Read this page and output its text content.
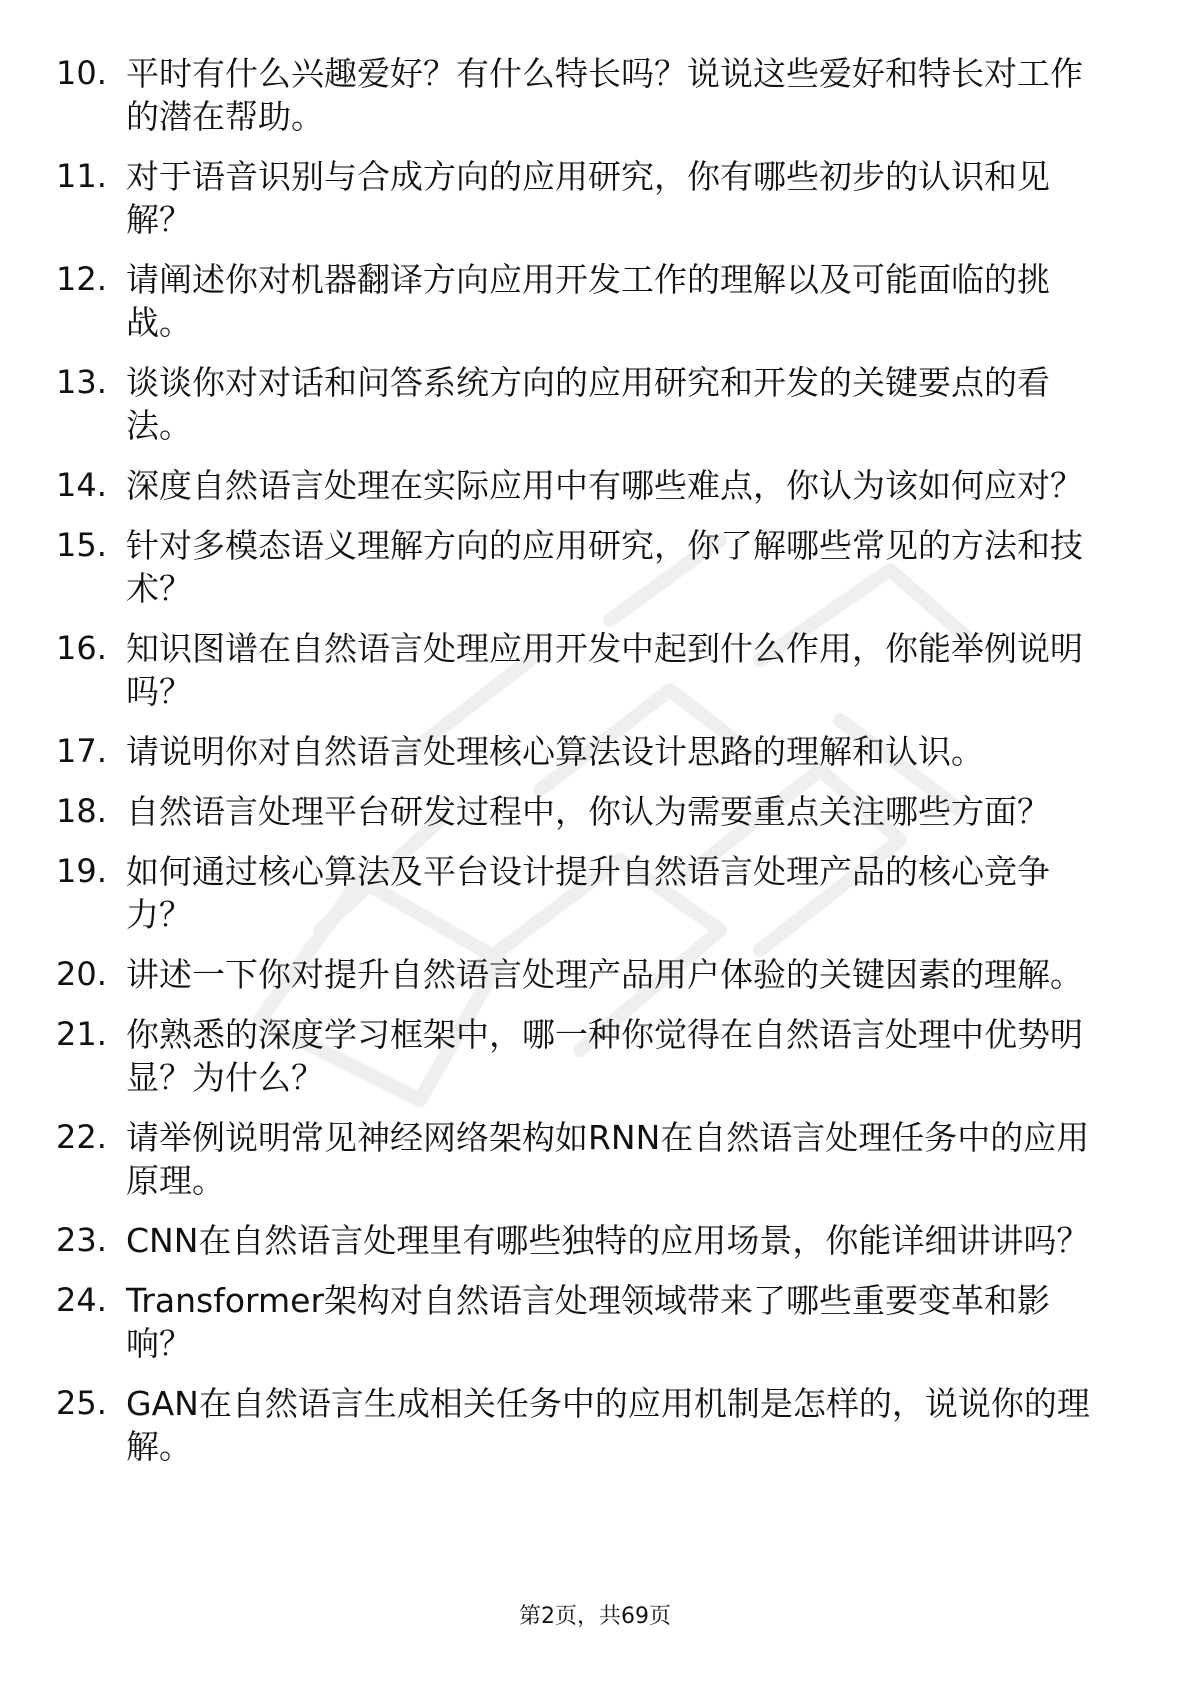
10. 平时有什么兴趣爱好？有什么特长吗？说说这些爱好和特长对工作的潜在帮助。
11. 对于语音识别与合成方向的应用研究，你有哪些初步的认识和见解？
12. 请阐述你对机器翻译方向应用开发工作的理解以及可能面临的挑战。
13. 谈谈你对对话和问答系统方向的应用研究和开发的关键要点的看法。
14. 深度自然语言处理在实际应用中有哪些难点，你认为该如何应对？
15. 针对多模态语义理解方向的应用研究，你了解哪些常见的方法和技术？
16. 知识图谱在自然语言处理应用开发中起到什么作用，你能举例说明吗？
17. 请说明你对自然语言处理核心算法设计思路的理解和认识。
18. 自然语言处理平台研发过程中，你认为需要重点关注哪些方面？
19. 如何通过核心算法及平台设计提升自然语言处理产品的核心竞争力？
20. 讲述一下你对提升自然语言处理产品用户体验的关键因素的理解。
21. 你熟悉的深度学习框架中，哪一种你觉得在自然语言处理中优势明显？为什么？
22. 请举例说明常见神经网络架构如RNN在自然语言处理任务中的应用原理。
23. CNN在自然语言处理里有哪些独特的应用场景，你能详细讲讲吗？
24. Transformer架构对自然语言处理领域带来了哪些重要变革和影响？
25. GAN在自然语言生成相关任务中的应用机制是怎样的，说说你的理解。
第2页，共69页
